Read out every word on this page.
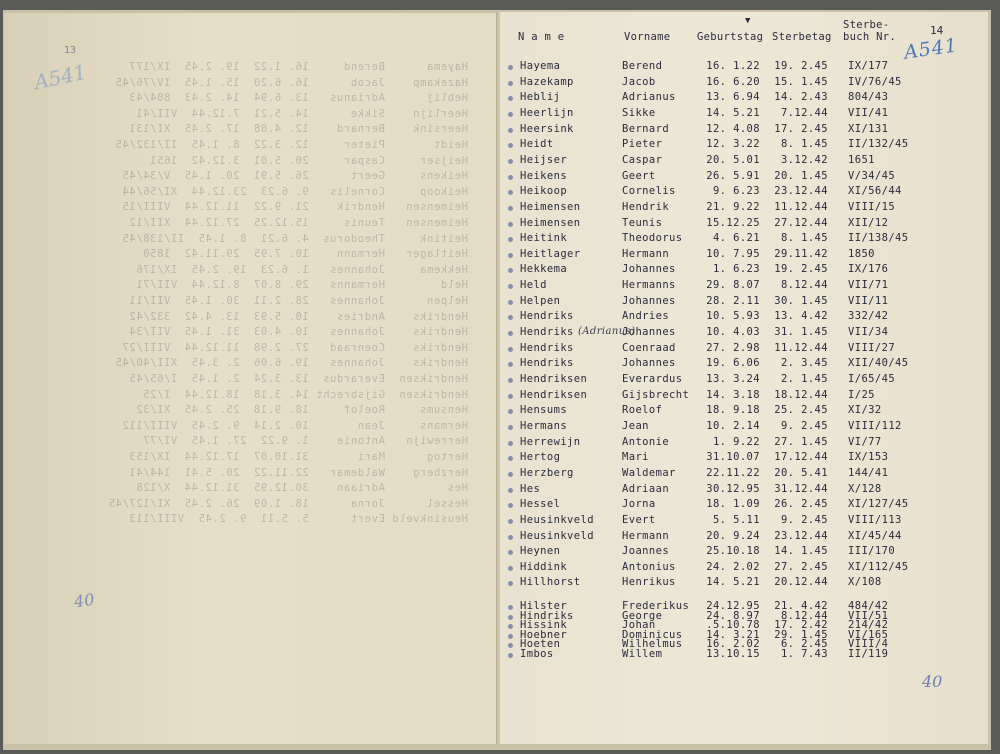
Hayema      Berend     16. 1.22  19. 2.45  IX/177
Hazekamp    Jacob      16. 6.20  15. 1.45  IV/76/45
Heblij      Adrianus   13. 6.94  14. 2.43  804/43
Heerlijn    Sikke      14. 5.21  7.12.44  VII/41
Heersink    Bernard    12. 4.08  17. 2.45  XI/131
Heidt       Pieter     12. 3.22  8. 1.45  II/132/45
Heijser     Caspar     20. 5.01  3.12.42  1651
Heikens     Geert      26. 5.91  20. 1.45  V/34/45
Heikoop     Cornelis   9. 6.23  23.12.44  XI/56/44
Heimensen   Hendrik    21. 9.22  11.12.44  VIII/15
Heimensen   Teunis     15.12.25  27.12.44  XII/12
Heitink     Theodorus  4. 6.21  8. 1.45  II/138/45
Heitlager   Hermann    10. 7.95  29.11.42  1850
Hekkema     Johannes   1. 6.23  19. 2.45  IX/176
Held        Hermanns   29. 8.07  8.12.44  VII/71
Helpen      Johannes   28. 2.11  30. 1.45  VII/11
Hendriks    Andries    10. 5.93  13. 4.42  332/42
Hendriks    Johannes   10. 4.03  31. 1.45  VII/34
Hendriks    Coenraad   27. 2.98  11.12.44  VIII/27
Hendriks    Johannes   19. 6.06  2. 3.45  XII/40/45
Hendriksen  Everardus  13. 3.24  2. 1.45  I/65/45
Hendriksen  Gijsbrecht 14. 3.18  18.12.44  I/25
Hensums     Roelof     18. 9.18  25. 2.45  XI/32
Hermans     Jean       10. 2.14  9. 2.45  VIII/112
Herrewijn   Antonie    1. 9.22  27. 1.45  VI/77
Hertog      Mari       31.10.07  17.12.44  IX/153
Herzberg    Waldemar   22.11.22  20. 5.41  144/41
Hes         Adriaan    30.12.95  31.12.44  X/128
Hessel      Jorna      18. 1.09  26. 2.45  XI/127/45
Heusinkveld Evert      5. 5.11  9. 2.45  VIII/113
13
A541
40
▼
N a m e	Vorname	Geburtstag Sterbetag
Sterbe-
buch Nr.	14
A541
40
Hayema	Berend	16. 1.22	19. 2.45 IX/177
Hazekamp	Jacob	16. 6.20	15. 1.45 IV/76/45
Heblij	Adrianus	13. 6.94	14. 2.43 804/43
Heerlijn	Sikke	14. 5.21	7.12.44 VII/41
Heersink	Bernard	12. 4.08	17. 2.45 XI/131
Heidt	Pieter	12. 3.22	8. 1.45 II/132/45
Heijser	Caspar	20. 5.01	3.12.42 1651
Heikens	Geert	26. 5.91	20. 1.45 V/34/45
Heikoop	Cornelis	9. 6.23	23.12.44 XI/56/44
Heimensen	Hendrik	21. 9.22	11.12.44 VIII/15
Heimensen	Teunis	15.12.25	27.12.44 XII/12
Heitink	Theodorus	4. 6.21	8. 1.45 II/138/45
Heitlager	Hermann	10. 7.95	29.11.42 1850
Hekkema	Johannes	1. 6.23	19. 2.45 IX/176
Held	Hermanns	29. 8.07	8.12.44 VII/71
Helpen	Johannes	28. 2.11	30. 1.45 VII/11
Hendriks	Andries	10. 5.93	13. 4.42 332/42
Hendriks	Johannes	10. 4.03	31. 1.45 VII/34
(Adrianus)
Hendriks	Coenraad	27. 2.98	11.12.44 VIII/27
Hendriks	Johannes	19. 6.06	2. 3.45 XII/40/45
Hendriksen	Everardus	13. 3.24	2. 1.45 I/65/45
Hendriksen	Gijsbrecht	14. 3.18	18.12.44 I/25
Hensums	Roelof	18. 9.18	25. 2.45 XI/32
Hermans	Jean	10. 2.14	9. 2.45 VIII/112
Herrewijn	Antonie	1. 9.22	27. 1.45 VI/77
Hertog	Mari	31.10.07	17.12.44 IX/153
Herzberg	Waldemar	22.11.22	20. 5.41 144/41
Hes	Adriaan	30.12.95	31.12.44 X/128
Hessel	Jorna	18. 1.09	26. 2.45 XI/127/45
Heusinkveld	Evert	5. 5.11	9. 2.45 VIII/113
Heusinkveld	Hermann	20. 9.24	23.12.44 XI/45/44
Heynen	Joannes	25.10.18	14. 1.45 III/170
Hiddink	Antonius	24. 2.02	27. 2.45 XI/112/45
Hillhorst	Henrikus	14. 5.21	20.12.44 X/108
Hilster	Frederikus	24.12.95	21. 4.42 484/42
Hindriks	George	24. 8.97	8.12.44 VII/51
Hissink	Johan	.5.10.78	17. 2.42 214/42
Hoebner	Dominicus	14. 3.21	29. 1.45 VI/165
Hoeten	Wilhelmus	16. 2.02	6. 2.45 VIII/4
Imbos	Willem	13.10.15	1. 7.43 II/119
